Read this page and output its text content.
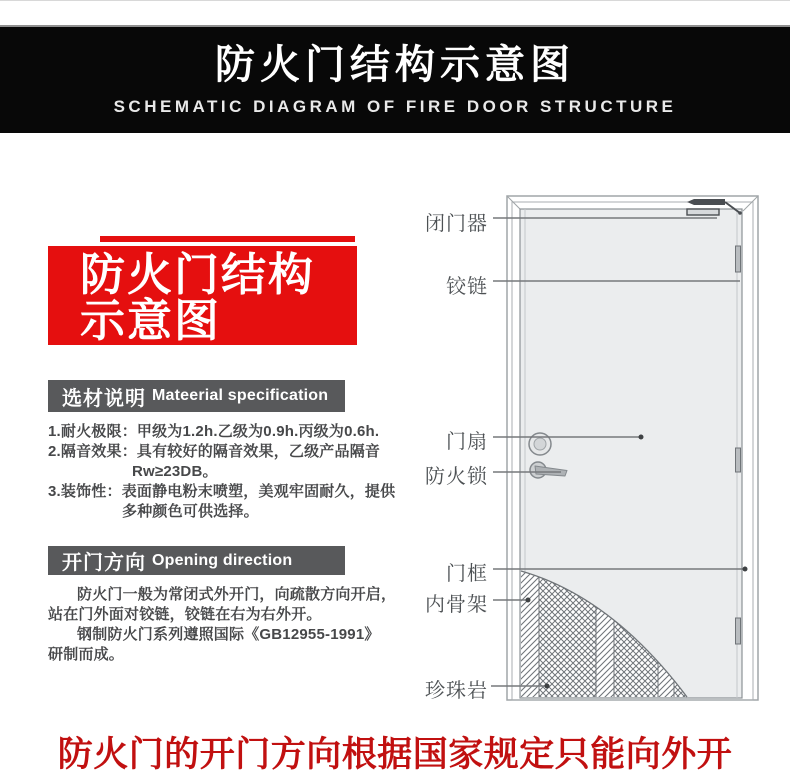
防火门结构示意图
SCHEMATIC DIAGRAM OF FIRE DOOR STRUCTURE
防火门结构
示意图
选材说明 Mateerial specification
1.耐火极限：甲级为1.2h.乙级为0.9h.丙级为0.6h.
2.隔音效果：具有较好的隔音效果，乙级产品隔音
Rw≥23DB。
3.装饰性：表面静电粉末喷塑，美观牢固耐久，提供
多种颜色可供选择。
开门方向 Opening direction
防火门一般为常闭式外开门，向疏散方向开启，
站在门外面对铰链，铰链在右为右外开。
钢制防火门系列遵照国际《GB12955-1991》
研制而成。
闭门器
铰链
门扇
防火锁
门框
内骨架
珍珠岩
防火门的开门方向根据国家规定只能向外开
